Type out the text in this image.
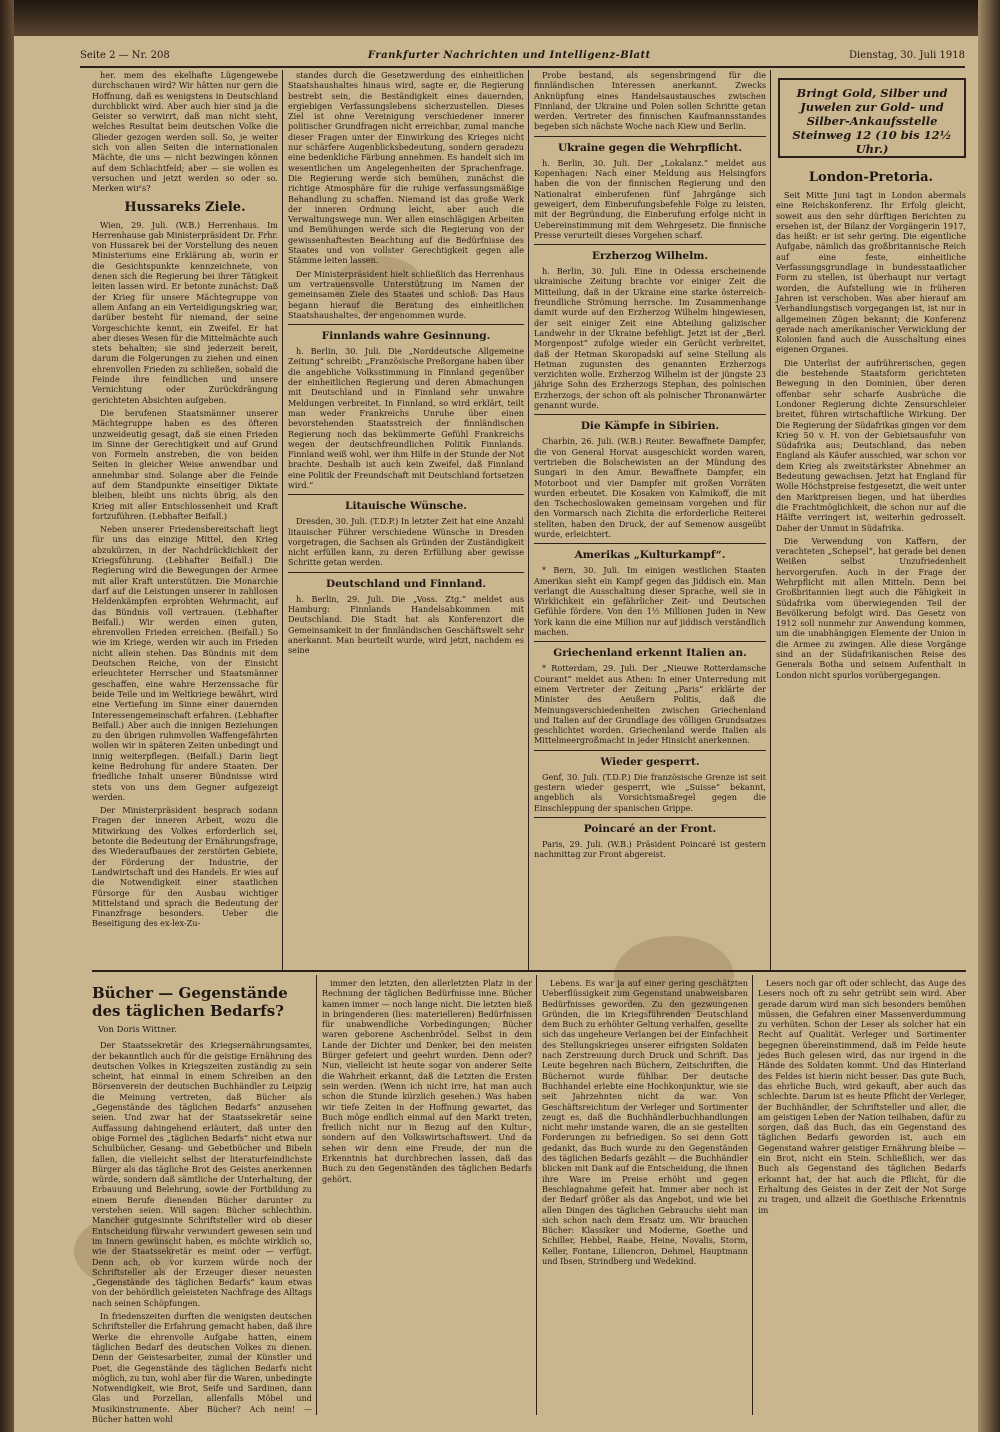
Seite 2 — Nr. 208	Frankfurter Nachrichten und Intelligenz-Blatt	Dienstag, 30. Juli 1918

her. mem des ekelhafte Lügengewebe durchschauen wird? Wir hätten nur gern die Hoffnung, daß es wenigstens in Deutschland durchblickt wird. Aber auch hier sind ja die Geister so verwirrt, daß man nicht sieht, welches Resultat beim deutschen Volke die Glieder gezogen werden soll. So, je weiter sich von allen Seiten die internationalen Mächte, die uns — nicht bezwingen können auf dem Schlachtfeld; aber — sie wollen es versuchen und jetzt werden so oder so. Merken wir's?

Hussareks Ziele.

Wien, 29. Juli. (W.B.) Herrenhaus. Im Herrenhause gab Ministerpräsident Dr. Frhr. von Hussarek bei der Vorstellung des neuen Ministeriums eine Erklärung ab, worin er die Gesichtspunkte kennzeichnete, von denen sich die Regierung bei ihrer Tätigkeit leiten lassen wird. Er betonte zunächst: Daß der Krieg für unsere Mächtegruppe von allem Anfang an ein Verteidigungskrieg war, darüber besteht für niemand, der seine Vorgeschichte kennt, ein Zweifel. Er hat aber dieses Wesen für die Mittelmächte auch stets behalten; sie sind jederzeit bereit, darum die Folgerungen zu ziehen und einen ehrenvollen Frieden zu schließen, sobald die Feinde ihre feindlichen und unsere Vernichtung oder Zurückdrängung gerichteten Absichten aufgeben.

Die berufenen Staatsmänner unserer Mächtegruppe haben es des öfteren unzweideutig gesagt, daß sie einen Frieden im Sinne der Gerechtigkeit und auf Grund von Formeln anstreben, die von beiden Seiten in gleicher Weise anwendbar und annehmbar sind. Solange aber die Feinde auf dem Standpunkte einseitiger Diktate bleiben, bleibt uns nichts übrig, als den Krieg mit aller Entschlossenheit und Kraft fortzuführen. (Lebhafter Beifall.)

Neben unserer Friedensbereitschaft liegt für uns das einzige Mittel, den Krieg abzukürzen, in der Nachdrücklichkeit der Kriegsführung. (Lebhafter Beifall.) Die Regierung wird die Bewegungen der Armee mit aller Kraft unterstützen. Die Monarchie darf auf die Leistungen unserer in zahllosen Heldenkämpfen erprobten Wehrmacht, auf das Bündnis voll vertrauen. (Lebhafter Beifall.) Wir werden einen guten, ehrenvollen Frieden erreichen. (Beifall.) So wie im Kriege, werden wir auch im Frieden nicht allein stehen. Das Bündnis mit dem Deutschen Reiche, von der Einsicht erleuchteter Herrscher und Staatsmänner geschaffen, eine wahre Herzenssache für beide Teile und im Weltkriege bewährt, wird eine Vertiefung im Sinne einer dauernden Interessengemeinschaft erfahren. (Lebhafter Beifall.) Aber auch die innigen Beziehungen zu den übrigen ruhmvollen Waffengefährten wollen wir in späteren Zeiten unbedingt und innig weiterpflegen. (Beifall.) Darin liegt keine Bedrohung für andere Staaten. Der friedliche Inhalt unserer Bündnisse wird stets von uns dem Gegner aufgezeigt werden.

Der Ministerpräsident besprach sodann Fragen der inneren Arbeit, wozu die Mitwirkung des Volkes erforderlich sei, betonte die Bedeutung der Ernährungsfrage, des Wiederaufbaues der zerstörten Gebiete, der Förderung der Industrie, der Landwirtschaft und des Handels. Er wies auf die Notwendigkeit einer staatlichen Fürsorge für den Ausbau wichtiger Mittelstand und sprach die Bedeutung der Finanzfrage besonders. Ueber die Beseitigung des ex-lex-Zu-

standes durch die Gesetzwerdung des einheitlichen Staatshaushaltes hinaus wird, sagte er, die Regierung bestrebt sein, die Beständigkeit eines dauernden, ergiebigen Verfassungslebens sicherzustellen. Dieses Ziel ist ohne Vereinigung verschiedener innerer politischer Grundfragen nicht erreichbar, zumal manche dieser Fragen unter der Einwirkung des Krieges nicht nur schärfere Augenblicksbedeutung, sondern geradezu eine bedenkliche Färbung annehmen. Es handelt sich im wesentlichen um Angelegenheiten der Sprachenfrage. Die Regierung werde sich bemühen, zunächst die richtige Atmosphäre für die ruhige verfassungsmäßige Behandlung zu schaffen. Niemand ist das große Werk der inneren Ordnung leicht, aber auch die Verwaltungswege nun. Wer allen einschlägigen Arbeiten und Bemühungen werde sich die Regierung von der gewissenhaftesten Beachtung auf die Bedürfnisse des Staates und von vollster Gerechtigkeit gegen alle Stämme leiten lassen.

Der Ministerpräsident hielt schließlich das Herrenhaus um vertrauensvolle Unterstützung im Namen der gemeinsamen Ziele des Staates und schloß: Das Haus begann hierauf die Beratung des einheitlichen Staatshaushaltes, der angenommen wurde.

Finnlands wahre Gesinnung.

h. Berlin, 30. Juli. Die „Norddeutsche Allgemeine Zeitung“ schreibt: „Französische Preßorgane haben über die angebliche Volksstimmung in Finnland gegenüber der einheitlichen Regierung und deren Abmachungen mit Deutschland und in Finnland sehr unwahre Meldungen verbreitet. In Finnland, so wird erklärt, teilt man weder Frankreichs Unruhe über einen bevorstehenden Staatsstreich der finnländischen Regierung noch das bekümmerte Gefühl Frankreichs wegen der deutschfreundlichen Politik Finnlands. Finnland weiß wohl, wer ihm Hilfe in der Stunde der Not brachte. Deshalb ist auch kein Zweifel, daß Finnland eine Politik der Freundschaft mit Deutschland fortsetzen wird.“

Litauische Wünsche.

Dresden, 30. Juli. (T.D.P.) In letzter Zeit hat eine Anzahl litauischer Führer verschiedene Wünsche in Dresden vorgetragen, die Sachsen als Gründen der Zuständigkeit nicht erfüllen kann, zu deren Erfüllung aber gewisse Schritte getan werden.

Deutschland und Finnland.

h. Berlin, 29. Juli. Die „Voss. Ztg.“ meldet aus Hamburg: Finnlands Handelsabkommen mit Deutschland. Die Stadt hat als Konferenzort die Gemeinsamkeit in der finnländischen Geschäftswelt sehr anerkannt. Man beurteilt wurde, wird jetzt, nachdem es seine

Probe bestand, als segensbringend für die finnländischen Interessen anerkannt. Zwecks Anknüpfung eines Handelsaustausches zwischen Finnland, der Ukraine und Polen sollen Schritte getan werden. Vertreter des finnischen Kaufmannsstandes begeben sich nächste Woche nach Kiew und Berlin.

Ukraine gegen die Wehrpflicht.

h. Berlin, 30. Juli. Der „Lokalanz.“ meldet aus Kopenhagen: Nach einer Meldung aus Helsingfors haben die von der finnischen Regierung und den Nationalrat einberufenen fünf Jahrgänge sich geweigert, dem Einberufungsbefehle Folge zu leisten, mit der Begründung, die Einberufung erfolge nicht in Uebereinstimmung mit dem Wehrgesetz. Die finnische Presse verurteilt dieses Vorgehen scharf.

Erzherzog Wilhelm.

h. Berlin, 30. Juli. Eine in Odessa erscheinende ukrainische Zeitung brachte vor einiger Zeit die Mitteilung, daß in der Ukraine eine starke österreich-freundliche Strömung herrsche. Im Zusammenhange damit wurde auf den Erzherzog Wilhelm hingewiesen, der seit einiger Zeit eine Abteilung galizischer Landwehr in der Ukraine befehligt. Jetzt ist der „Berl. Morgenpost“ zufolge wieder ein Gerücht verbreitet, daß der Hetman Skoropadski auf seine Stellung als Hetman zugunsten des genannten Erzherzogs verzichten wolle. Erzherzog Wilhelm ist der jüngste 23 jährige Sohn des Erzherzogs Stephan, des polnischen Erzherzogs, der schon oft als polnischer Thronanwärter genannt wurde.

Die Kämpfe in Sibirien.

Charbin, 26. Juli. (W.B.) Reuter. Bewaffnete Dampfer, die von General Horvat ausgeschickt worden waren, vertrieben die Bolschewisten an der Mündung des Sungari in den Amur. Bewaffnete Dampfer, ein Motorboot und vier Dampfer mit großen Vorräten wurden erbeutet. Die Kosaken von Kalmikoff, die mit den Tschechoslowaken gemeinsam vorgehen und für den Vormarsch nach Zichita die erforderliche Reiterei stellten, haben den Druck, der auf Semenow ausgeübt wurde, erleichtert.

Amerikas „Kulturkampf“.

* Bern, 30. Juli. Im einigen westlichen Staaten Amerikas sieht ein Kampf gegen das Jiddisch ein. Man verlangt die Ausschaltung dieser Sprache, weil sie in Wirklichkeit ein gefährlicher Zeit- und Deutschen Gefühle fördere. Von den 1½ Millionen Juden in New York kann die eine Million nur auf jiddisch verständlich machen.

Griechenland erkennt Italien an.

* Rotterdam, 29. Juli. Der „Nieuwe Rotterdamsche Courant“ meldet aus Athen: In einer Unterredung mit einem Vertreter der Zeitung „Paris“ erklärte der Minister des Aeußern Politis, daß die Meinungsverschiedenheiten zwischen Griechenland und Italien auf der Grundlage des völligen Grundsatzes geschlichtet worden. Griechenland werde Italien als Mittelmeergroßmacht in jeder Hinsicht anerkennen.

Wieder gesperrt.

Genf, 30. Juli. (T.D.P.) Die französische Grenze ist seit gestern wieder gesperrt, wie „Suisse“ bekannt, angeblich als Vorsichtsmaßregel gegen die Einschleppung der spanischen Grippe.

Poincaré an der Front.

Paris, 29. Juli. (W.B.) Präsident Poincaré ist gestern nachmittag zur Front abgereist.

Bringt Gold, Silber und Juwelen zur Gold- und Silber-Ankaufsstelle Steinweg 12 (10 bis 12½ Uhr.)
London-Pretoria.

Seit Mitte Juni tagt in London abermals eine Reichskonferenz. Ihr Erfolg gleicht, soweit aus den sehr dürftigen Berichten zu ersehen ist, der Bilanz der Vorgängerin 1917, das heißt: er ist sehr gering. Die eigentliche Aufgabe, nämlich das großbritannische Reich auf eine feste, einheitliche Verfassungsgrundlage in bundesstaatlicher Form zu stellen, ist überhaupt nur vertagt worden, die Aufstellung wie in früheren Jahren ist verschoben. Was aber hierauf am Verhandlungstisch vorgegangen ist, ist nur in allgemeinen Zügen bekannt; die Konferenz gerade nach amerikanischer Verwicklung der Kolonien fand auch die Ausschaltung eines eigenen Organes.

Die Unterlist der aufrührerischen, gegen die bestehende Staatsform gerichteten Bewegung in den Dominien, über deren offenbar sehr scharfe Ausbrüche die Londoner Regierung dichte Zensurschleier breitet, führen wirtschaftliche Wirkung. Der Die Regierung der Südafrikas gingen vor dem Krieg 50 v. H. von der Gebietsausfuhr von Südafrika aus; Deutschland, das neben England als Käufer ausschied, war schon vor dem Krieg als zweitstärkster Abnehmer an Bedeutung gewachsen. Jetzt hat England für Wolle Höchstpreise festgesetzt, die weit unter den Marktpreisen liegen, und hat überdies die Frachtmöglichkeit, die schon nur auf die Hälfte verringert ist, weiterhin gedrosselt. Daher der Unmut in Südafrika.

Die Verwendung von Kaffern, der verachteten „Schepsel“, hat gerade bei denen Weißen selbst Unzufriedenheit hervorgerufen. Auch in der Frage der Wehrpflicht mit allen Mitteln. Denn bei Großbritannien liegt auch die Fähigkeit in Südafrika vom überwiegenden Teil der Bevölkerung befolgt wird. Das Gesetz von 1912 soll nunmehr zur Anwendung kommen, um die unabhängigen Elemente der Union in die Armee zu zwingen. Alle diese Vorgänge sind an der Südafrikanischen Reise des Generals Botha und seinem Aufenthalt in London nicht spurlos vorübergegangen.

Bücher — Gegenstände des täglichen Bedarfs?
Von Doris Wittner.

Der Staatssekretär des Kriegsernährungsamtes, der bekanntlich auch für die geistige Ernährung des deutschen Volkes in Kriegszeiten zuständig zu sein scheint, hat einmal in einem Schreiben an den Börsenverein der deutschen Buchhändler zu Leipzig die Meinung vertreten, daß Bücher als „Gegenstände des täglichen Bedarfs“ anzusehen seien. Und zwar hat der Staatssekretär seine Auffassung dahingehend erläutert, daß unter den obige Formel des „täglichen Bedarfs“ nicht etwa nur Schulbücher, Gesang- und Gebetbücher und Bibeln fallen, die vielleicht selbst der literaturfeindlichste Bürger als das tägliche Brot des Geistes anerkennen würde, sondern daß sämtliche der Unterhaltung, der Erbauung und Belehrung, sowie der Fortbildung zu einem Berufe dienenden Bücher darunter zu verstehen seien. Will sagen: Bücher schlechthin. Mancher gutgesinnte Schriftsteller wird ob dieser Entscheidung fürwahr verwundert gewesen sein und im Innern gewünscht haben, es möchte wirklich so, wie der Staatssekretär es meint oder — verfügt. Denn ach, ob vor kurzem würde noch der Schriftsteller als der Erzeuger dieser neuesten „Gegenstände des täglichen Bedarfs“ kaum etwas von der behördlich geleisteten Nachfrage des Alltags nach seinen Schöpfungen.

In friedenszeiten durften die wenigsten deutschen Schriftsteller die Erfahrung gemacht haben, daß ihre Werke die ehrenvolle Aufgabe hatten, einem täglichen Bedarf des deutschen Volkes zu dienen. Denn der Geistesarbeiter, zumal der Künstler und Poet, die Gegenstände des täglichen Bedarfs nicht möglich, zu tun, wohl aber für die Waren, unbedingte Notwendigkeit, wie Brot, Seife und Sardinen, dann Glas und Porzellan, allenfalls Möbel und Musikinstrumente. Aber Bücher? Ach nein! — Bücher hatten wohl

immer den letzten, den allerletzten Platz in der Rechnung der täglichen Bedürfnisse inne. Bücher kamen immer — noch lange nicht. Die letzten hieß in bringenderen (lies: materielleren) Bedürfnissen für unabwendliche Vorbedingungen; Bücher waren geborene Aschenbrödel. Selbst in dem Lande der Dichter und Denker, bei den meisten Bürger gefeiert und geehrt wurden. Denn oder? Nun, vielleicht ist heute sogar von anderer Seite die Wahrheit erkannt, daß die Letzten die Ersten sein werden. (Wenn ich nicht irre, hat man auch schon die Stunde kürzlich gesehen.) Was haben wir tiefe Zeiten in der Hoffnung gewartet, das Buch möge endlich einmal auf den Markt treten, freilich nicht nur in Bezug auf den Kultur-, sondern auf den Volkswirtschaftswert. Und da sehen wir denn eine Freude, der nun die Erkenntnis hat durchbrechen lassen, daß das Buch zu den Gegenständen des täglichen Bedarfs gehört.

Lebens. Es war ja auf einer gering geschätzten Ueberflüssigkeit zum Gegenstand unabweisbaren Bedürfnisses geworden. Zu den gezwungenen Gründen, die im Kriegsführenden Deutschland dem Buch zu erhöhter Geltung verhalfen, gesellte sich das ungeheure Verlangen bei der Einfachheit des Stellungskrieges unserer eifrigsten Soldaten nach Zerstreuung durch Druck und Schrift. Das Leute begehren nach Büchern, Zeitschriften, die Büchernot wurde fühlbar. Der deutsche Buchhandel erlebte eine Hochkonjunktur, wie sie seit Jahrzehnten nicht da war. Von Geschäftsreichtum der Verleger und Sortimenter zeugt es, daß die Buchhändlerbuchhandlungen nicht mehr imstande waren, die an sie gestellten Forderungen zu befriedigen. So sei denn Gott gedankt, das Buch wurde zu den Gegenständen des täglichen Bedarfs gezählt — die Buchhändler blicken mit Dank auf die Entscheidung, die ihnen ihre Ware im Preise erhöht und gegen Beschlagnahme gefeit hat. Immer aber noch ist der Bedarf größer als das Angebot, und wie bei allen Dingen des täglichen Gebrauchs sieht man sich schon nach dem Ersatz um. Wir brauchen Bücher: Klassiker und Moderne, Goethe und Schiller, Hebbel, Raabe, Heine, Novalis, Storm, Keller, Fontane, Liliencron, Dehmel, Hauptmann und Ibsen, Strindberg und Wedekind.

Lesers noch gar oft oder schlecht, das Auge des Lesers noch oft zu sehr getrübt sein wird. Aber gerade darum wird man sich besonders bemühen müssen, die Gefahren einer Massenverdummung zu verhüten. Schon der Leser als solcher hat ein Recht auf Qualität. Verleger und Sortimenter begegnen übereinstimmend, daß im Felde heute jedes Buch gelesen wird, das nur irgend in die Hände des Soldaten kommt. Und das Hinterland des Feldes ist hierin nicht besser. Das gute Buch, das ehrliche Buch, wird gekauft, aber auch das schlechte. Darum ist es heute Pflicht der Verleger, der Buchhändler, der Schriftsteller und aller, die am geistigen Leben der Nation teilhaben, dafür zu sorgen, daß das Buch, das ein Gegenstand des täglichen Bedarfs geworden ist, auch ein Gegenstand wahrer geistiger Ernährung bleibe — ein Brot, nicht ein Stein. Schließlich, wer das Buch als Gegenstand des täglichen Bedarfs erkannt hat, der hat auch die Pflicht, für die Erhaltung des Geistes in der Zeit der Not Sorge zu tragen, und allzeit die Goethische Erkenntnis im
